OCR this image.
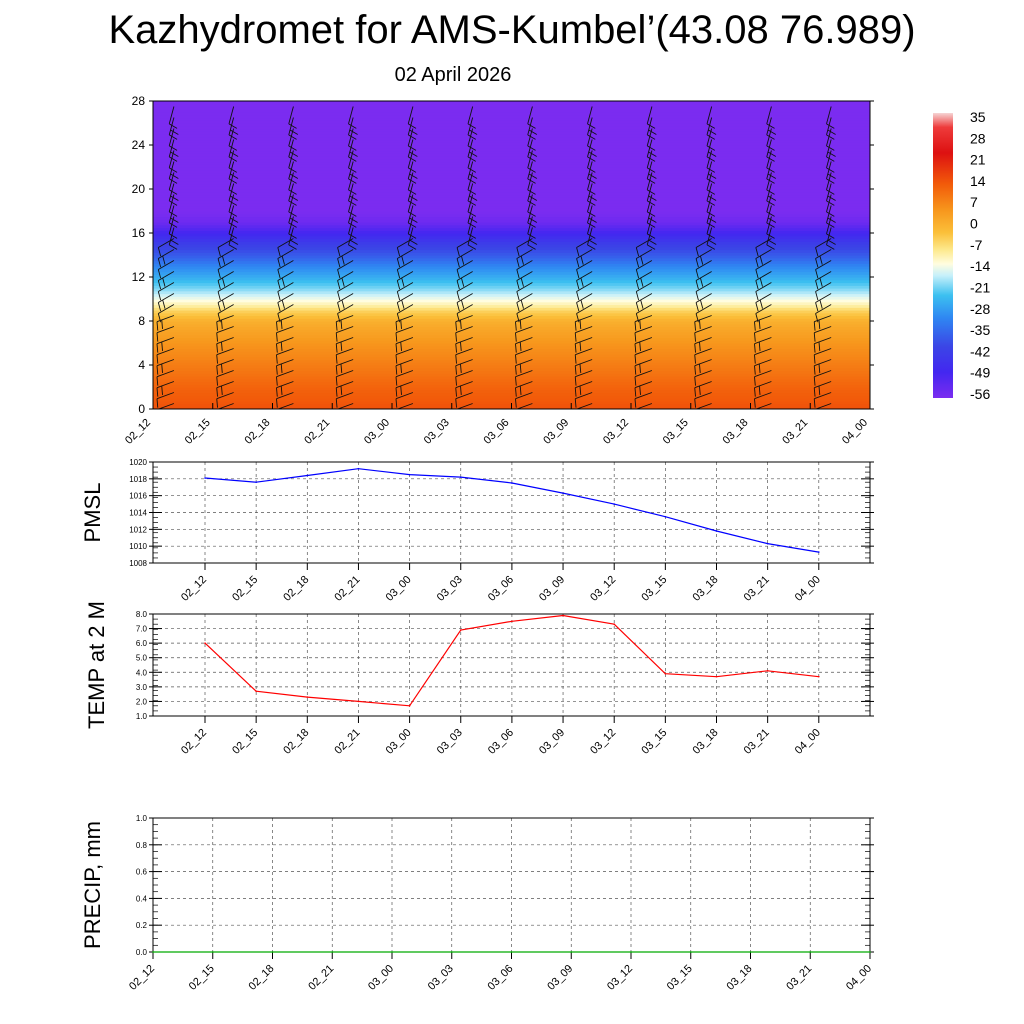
Kazhydromet for AMS-Kumbel’(43.08 76.989)
02 April 2026
0
4
8
12
16
20
24
28
02_12	02_15	02_18	02_21	03_00	03_03	03_06	03_09	03_12	03_15	03_18	03_21	04_00
35
28
21
14
7
0
-7
-14
-21
-28
-35
-42
-49
-56
1008
1010
1012
1014
1016
1018
1020
02_12 02_15 02_18 02_21 03_00 03_03 03_06 03_09 03_12 03_15 03_18 03_21 04_00
PMSL
1.0
2.0
3.0
4.0
5.0
6.0
7.0
8.0
02_12 02_15 02_18 02_21 03_00 03_03 03_06 03_09 03_12 03_15 03_18 03_21 04_00
TEMP at 2 M
0.0
0.2
0.4
0.6
0.8
1.0
02_12	02_15	02_18	02_21	03_00	03_03	03_06	03_09	03_12	03_15	03_18	03_21	04_00
PRECIP, mm
